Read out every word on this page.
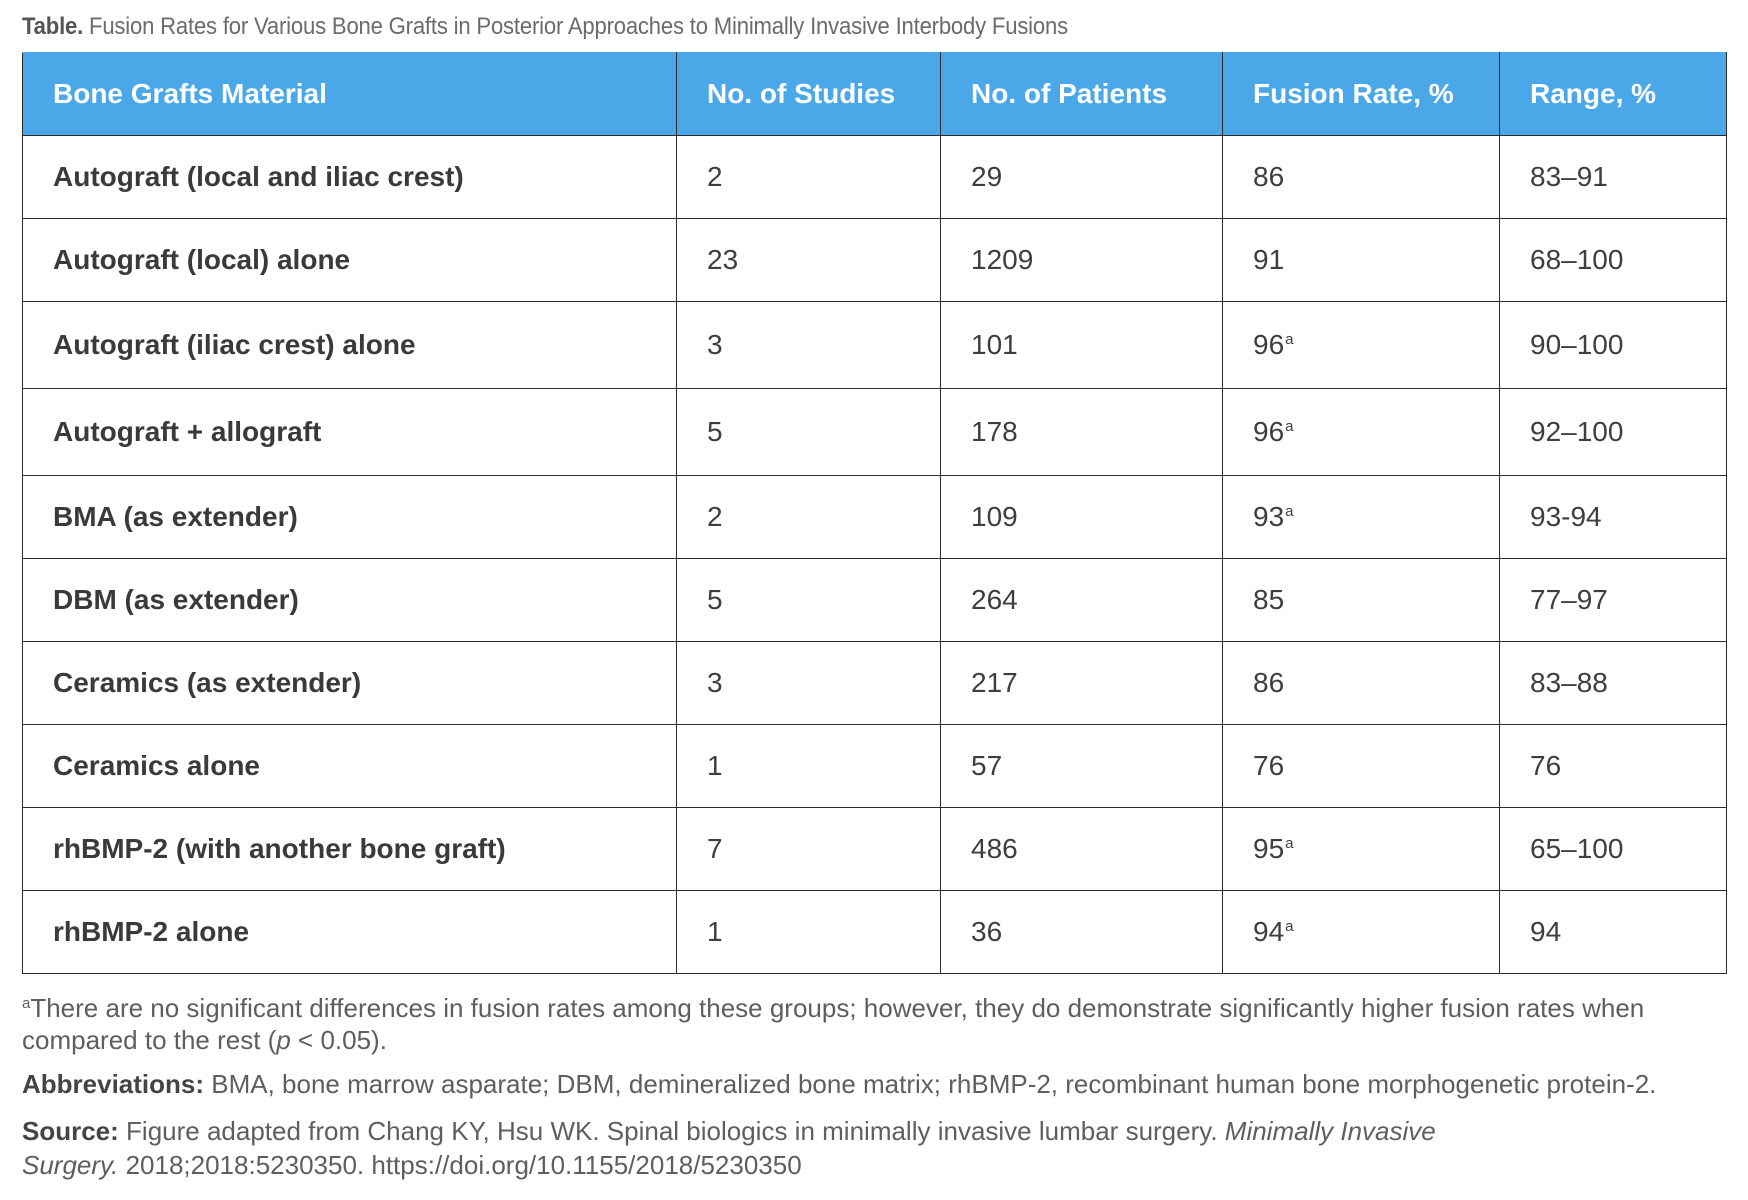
Table. Fusion Rates for Various Bone Grafts in Posterior Approaches to Minimally Invasive Interbody Fusions
Bone Grafts Material	No. of Studies	No. of Patients	Fusion Rate, %	Range, %
Autograft (local and iliac crest)	2	29	86	83–91
Autograft (local) alone	23	1209	91	68–100
Autograft (iliac crest) alone	3	101	96$^a$	90–100
Autograft + allograft	5	178	96$^a$	92–100
BMA (as extender)	2	109	93$^a$	93-94
DBM (as extender)	5	264	85	77–97
Ceramics (as extender)	3	217	86	83–88
Ceramics alone	1	57	76	76
rhBMP-2 (with another bone graft)	7	486	95$^a$	65–100
rhBMP-2 alone	1	36	94$^a$	94
$^a$There are no significant differences in fusion rates among these groups; however, they do demonstrate significantly higher fusion rates when compared to the rest (p < 0.05).
Abbreviations: BMA, bone marrow asparate; DBM, demineralized bone matrix; rhBMP-2, recombinant human bone morphogenetic protein-2.
Source: Figure adapted from Chang KY, Hsu WK. Spinal biologics in minimally invasive lumbar surgery. Minimally Invasive Surgery. 2018;2018:5230350. https://doi.org/10.1155/2018/5230350
